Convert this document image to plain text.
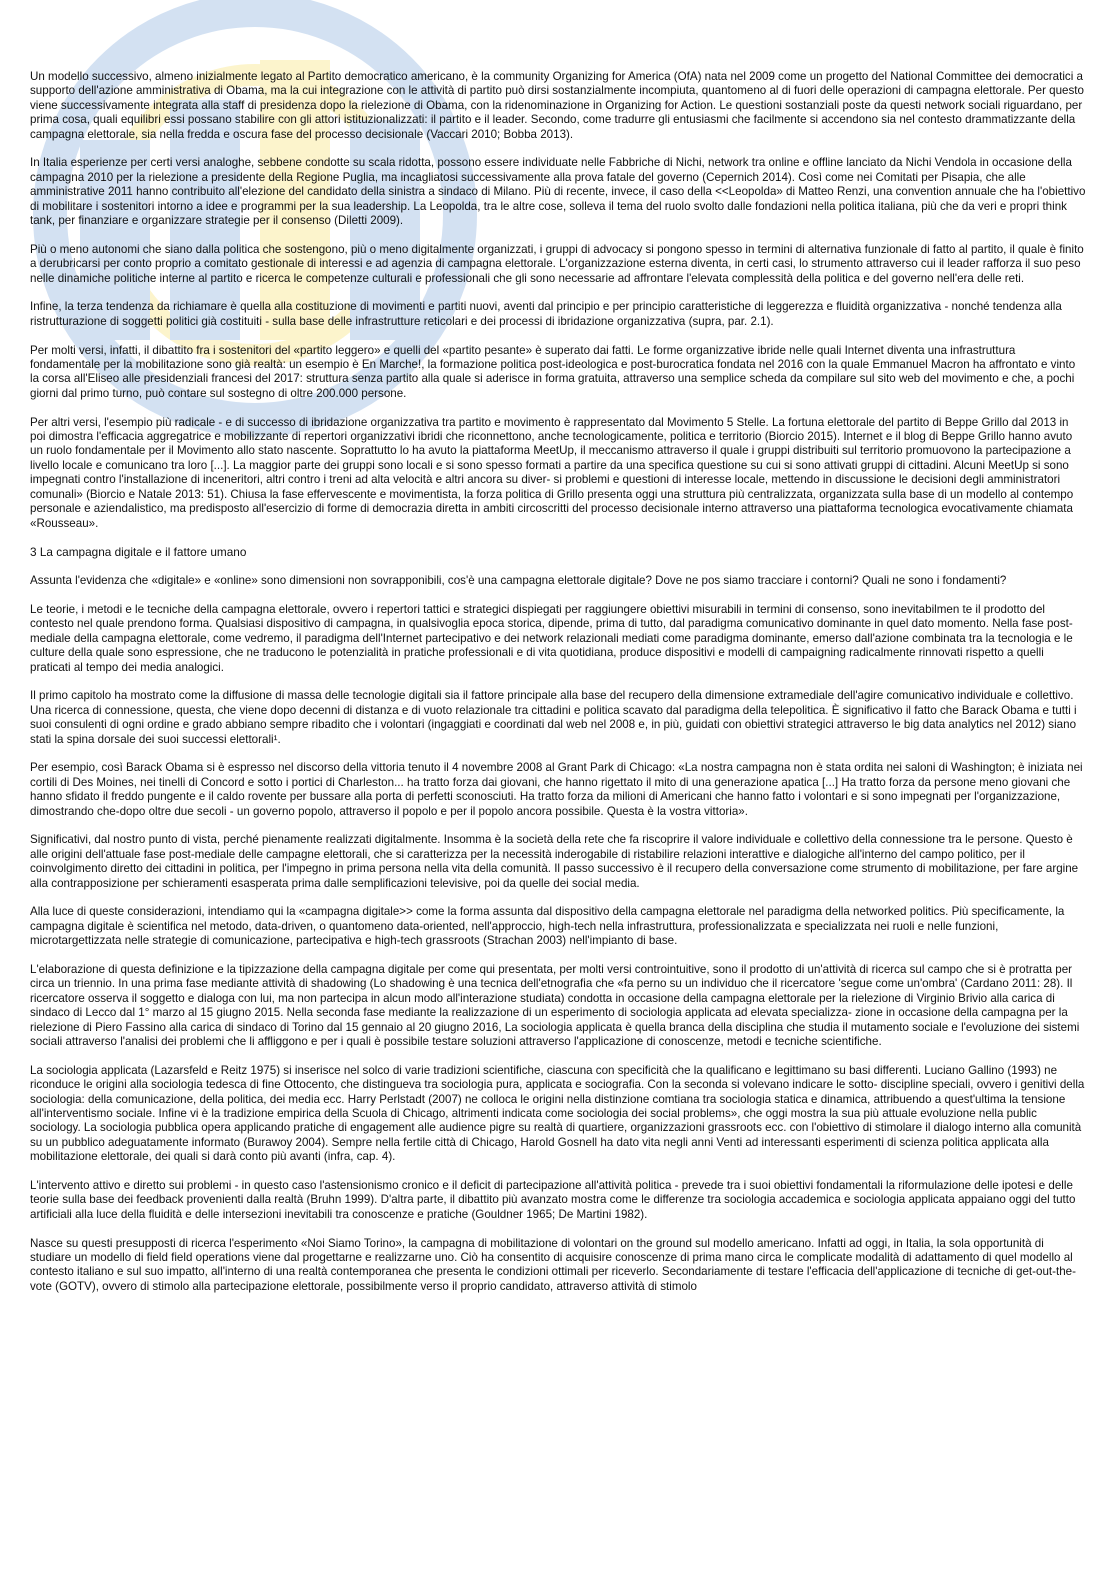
Un modello successivo, almeno inizialmente legato al Partito democratico americano, è la community Organizing for America (OfA) nata nel 2009 come un progetto del National Committee dei democratici a supporto dell'azione amministrativa di Obama, ma la cui integrazione con le attività di partito può dirsi sostanzialmente incompiuta, quantomeno al di fuori delle operazioni di campagna elettorale. Per questo viene successivamente integrata alla staff di presidenza dopo la rielezione di Obama, con la ridenominazione in Organizing for Action. Le questioni sostanziali poste da questi network sociali riguardano, per prima cosa, quali equilibri essi possano stabilire con gli attori istituzionalizzati: il partito e il leader. Secondo, come tradurre gli entusiasmi che facilmente si accendono sia nel contesto drammatizzante della campagna elettorale, sia nella fredda e oscura fase del processo decisionale (Vaccari 2010; Bobba 2013).

In Italia esperienze per certi versi analoghe, sebbene condotte su scala ridotta, possono essere individuate nelle Fabbriche di Nichi, network tra online e offline lanciato da Nichi Vendola in occasione della campagna 2010 per la rielezione a presidente della Regione Puglia, ma incagliatosi successivamente alla prova fatale del governo (Cepernich 2014). Così come nei Comitati per Pisapia, che alle amministrative 2011 hanno contribuito all'elezione del candidato della sinistra a sindaco di Milano. Più di recente, invece, il caso della <<Leopolda» di Matteo Renzi, una convention annuale che ha l'obiettivo di mobilitare i sostenitori intorno a idee e programmi per la sua leadership. La Leopolda, tra le altre cose, solleva il tema del ruolo svolto dalle fondazioni nella politica italiana, più che da veri e propri think tank, per finanziare e organizzare strategie per il consenso (Diletti 2009).

Più o meno autonomi che siano dalla politica che sostengono, più o meno digitalmente organizzati, i gruppi di advocacy si pongono spesso in termini di alternativa funzionale di fatto al partito, il quale è finito a derubricarsi per conto proprio a comitato gestionale di interessi e ad agenzia di campagna elettorale. L'organizzazione esterna diventa, in certi casi, lo strumento attraverso cui il leader rafforza il suo peso nelle dinamiche politiche interne al partito e ricerca le competenze culturali e professionali che gli sono necessarie ad affrontare l'elevata complessità della politica e del governo nell'era delle reti.

Infine, la terza tendenza da richiamare è quella alla costituzione di movimenti e partiti nuovi, aventi dal principio e per principio caratteristiche di leggerezza e fluidità organizzativa - nonché tendenza alla ristrutturazione di soggetti politici già costituiti - sulla base delle infrastrutture reticolari e dei processi di ibridazione organizzativa (supra, par. 2.1).

Per molti versi, infatti, il dibattito fra i sostenitori del «partito leggero» e quelli del «partito pesante» è superato dai fatti. Le forme organizzative ibride nelle quali Internet diventa una infrastruttura fondamentale per la mobilitazione sono già realtà: un esempio è En Marche!, la formazione politica post-ideologica e post-burocratica fondata nel 2016 con la quale Emmanuel Macron ha affrontato e vinto la corsa all'Eliseo alle presidenziali francesi del 2017: struttura senza partito alla quale si aderisce in forma gratuita, attraverso una semplice scheda da compilare sul sito web del movimento e che, a pochi giorni dal primo turno, può contare sul sostegno di oltre 200.000 persone.

Per altri versi, l'esempio più radicale - e di successo di ibridazione organizzativa tra partito e movimento è rappresentato dal Movimento 5 Stelle. La fortuna elettorale del partito di Beppe Grillo dal 2013 in poi dimostra l'efficacia aggregatrice e mobilizzante di repertori organizzativi ibridi che riconnettono, anche tecnologicamente, politica e territorio (Biorcio 2015). Internet e il blog di Beppe Grillo hanno avuto un ruolo fondamentale per il Movimento allo stato nascente. Soprattutto lo ha avuto la piattaforma MeetUp, il meccanismo attraverso il quale i gruppi distribuiti sul territorio promuovono la partecipazione a livello locale e comunicano tra loro [...]. La maggior parte dei gruppi sono locali e si sono spesso formati a partire da una specifica questione su cui si sono attivati gruppi di cittadini. Alcuni MeetUp si sono impegnati contro l'installazione di inceneritori, altri contro i treni ad alta velocità e altri ancora su diver- si problemi e questioni di interesse locale, mettendo in discussione le decisioni degli amministratori comunali» (Biorcio e Natale 2013: 51). Chiusa la fase effervescente e movimentista, la forza politica di Grillo presenta oggi una struttura più centralizzata, organizzata sulla base di un modello al contempo personale e aziendalistico, ma predisposto all'esercizio di forme di democrazia diretta in ambiti circoscritti del processo decisionale interno attraverso una piattaforma tecnologica evocativamente chiamata «Rousseau».

3 La campagna digitale e il fattore umano

Assunta l'evidenza che «digitale» e «online» sono dimensioni non sovrapponibili, cos'è una campagna elettorale digitale? Dove ne pos siamo tracciare i contorni? Quali ne sono i fondamenti?

Le teorie, i metodi e le tecniche della campagna elettorale, ovvero i repertori tattici e strategici dispiegati per raggiungere obiettivi misurabili in termini di consenso, sono inevitabilmen te il prodotto del contesto nel quale prendono forma. Qualsiasi dispositivo di campagna, in qualsivoglia epoca storica, dipende, prima di tutto, dal paradigma comunicativo dominante in quel dato momento. Nella fase post-mediale della campagna elettorale, come vedremo, il paradigma dell'Internet partecipativo e dei network relazionali mediati come paradigma dominante, emerso dall'azione combinata tra la tecnologia e le culture della quale sono espressione, che ne traducono le potenzialità in pratiche professionali e di vita quotidiana, produce dispositivi e modelli di campaigning radicalmente rinnovati rispetto a quelli praticati al tempo dei media analogici.

Il primo capitolo ha mostrato come la diffusione di massa delle tecnologie digitali sia il fattore principale alla base del recupero della dimensione extramediale dell'agire comunicativo individuale e collettivo. Una ricerca di connessione, questa, che viene dopo decenni di distanza e di vuoto relazionale tra cittadini e politica scavato dal paradigma della telepolitica. È significativo il fatto che Barack Obama e tutti i suoi consulenti di ogni ordine e grado abbiano sempre ribadito che i volontari (ingaggiati e coordinati dal web nel 2008 e, in più, guidati con obiettivi strategici attraverso le big data analytics nel 2012) siano stati la spina dorsale dei suoi successi elettorali¹.

Per esempio, così Barack Obama si è espresso nel discorso della vittoria tenuto il 4 novembre 2008 al Grant Park di Chicago: «La nostra campagna non è stata ordita nei saloni di Washington; è iniziata nei cortili di Des Moines, nei tinelli di Concord e sotto i portici di Charleston... ha tratto forza dai giovani, che hanno rigettato il mito di una generazione apatica [...] Ha tratto forza da persone meno giovani che hanno sfidato il freddo pungente e il caldo rovente per bussare alla porta di perfetti sconosciuti. Ha tratto forza da milioni di Americani che hanno fatto i volontari e si sono impegnati per l'organizzazione, dimostrando che-dopo oltre due secoli - un governo popolo, attraverso il popolo e per il popolo ancora possibile. Questa è la vostra vittoria».

Significativi, dal nostro punto di vista, perché pienamente realizzati digitalmente. Insomma è la società della rete che fa riscoprire il valore individuale e collettivo della connessione tra le persone. Questo è alle origini dell'attuale fase post-mediale delle campagne elettorali, che si caratterizza per la necessità inderogabile di ristabilire relazioni interattive e dialogiche all'interno del campo politico, per il coinvolgimento diretto dei cittadini in politica, per l'impegno in prima persona nella vita della comunità. Il passo successivo è il recupero della conversazione come strumento di mobilitazione, per fare argine alla contrapposizione per schieramenti esasperata prima dalle semplificazioni televisive, poi da quelle dei social media.

Alla luce di queste considerazioni, intendiamo qui la «campagna digitale>> come la forma assunta dal dispositivo della campagna elettorale nel paradigma della networked politics. Più specificamente, la campagna digitale è scientifica nel metodo, data-driven, o quantomeno data-oriented, nell'approccio, high-tech nella infrastruttura, professionalizzata e specializzata nei ruoli e nelle funzioni, microtargettizzata nelle strategie di comunicazione, partecipativa e high-tech grassroots (Strachan 2003) nell'impianto di base.

L'elaborazione di questa definizione e la tipizzazione della campagna digitale per come qui presentata, per molti versi controintuitive, sono il prodotto di un'attività di ricerca sul campo che si è protratta per circa un triennio. In una prima fase mediante attività di shadowing (Lo shadowing è una tecnica dell'etnografia che «fa perno su un individuo che il ricercatore 'segue come un'ombra' (Cardano 2011: 28). Il ricercatore osserva il soggetto e dialoga con lui, ma non partecipa in alcun modo all'interazione studiata) condotta in occasione della campagna elettorale per la rielezione di Virginio Brivio alla carica di sindaco di Lecco dal 1° marzo al 15 giugno 2015. Nella seconda fase mediante la realizzazione di un esperimento di sociologia applicata ad elevata specializza- zione in occasione della campagna per la rielezione di Piero Fassino alla carica di sindaco di Torino dal 15 gennaio al 20 giugno 2016, La sociologia applicata è quella branca della disciplina che studia il mutamento sociale e l'evoluzione dei sistemi sociali attraverso l'analisi dei problemi che li affliggono e per i quali è possibile testare soluzioni attraverso l'applicazione di conoscenze, metodi e tecniche scientifiche.

La sociologia applicata (Lazarsfeld e Reitz 1975) si inserisce nel solco di varie tradizioni scientifiche, ciascuna con specificità che la qualificano e legittimano su basi differenti. Luciano Gallino (1993) ne riconduce le origini alla sociologia tedesca di fine Ottocento, che distingueva tra sociologia pura, applicata e sociografia. Con la seconda si volevano indicare le sotto- discipline speciali, ovvero i genitivi della sociologia: della comunicazione, della politica, dei media ecc. Harry Perlstadt (2007) ne colloca le origini nella distinzione comtiana tra sociologia statica e dinamica, attribuendo a quest'ultima la tensione all'interventismo sociale. Infine vi è la tradizione empirica della Scuola di Chicago, altrimenti indicata come sociologia dei social problems», che oggi mostra la sua più attuale evoluzione nella public sociology. La sociologia pubblica opera applicando pratiche di engagement alle audience pigre su realtà di quartiere, organizzazioni grassroots ecc. con l'obiettivo di stimolare il dialogo interno alla comunità su un pubblico adeguatamente informato (Burawoy 2004). Sempre nella fertile città di Chicago, Harold Gosnell ha dato vita negli anni Venti ad interessanti esperimenti di scienza politica applicata alla mobilitazione elettorale, dei quali si darà conto più avanti (infra, cap. 4).

L'intervento attivo e diretto sui problemi - in questo caso l'astensionismo cronico e il deficit di partecipazione all'attività politica - prevede tra i suoi obiettivi fondamentali la riformulazione delle ipotesi e delle teorie sulla base dei feedback provenienti dalla realtà (Bruhn 1999). D'altra parte, il dibattito più avanzato mostra come le differenze tra sociologia accademica e sociologia applicata appaiano oggi del tutto artificiali alla luce della fluidità e delle intersezioni inevitabili tra conoscenze e pratiche (Gouldner 1965; De Martini 1982).

Nasce su questi presupposti di ricerca l'esperimento «Noi Siamo Torino», la campagna di mobilitazione di volontari on the ground sul modello americano. Infatti ad oggi, in Italia, la sola opportunità di studiare un modello di field field operations viene dal progettarne e realizzarne uno. Ciò ha consentito di acquisire conoscenze di prima mano circa le complicate modalità di adattamento di quel modello al contesto italiano e sul suo impatto, all'interno di una realtà contemporanea che presenta le condizioni ottimali per riceverlo. Secondariamente di testare l'efficacia dell'applicazione di tecniche di get-out-the-vote (GOTV), ovvero di stimolo alla partecipazione elettorale, possibilmente verso il proprio candidato, attraverso attività di stimolo
